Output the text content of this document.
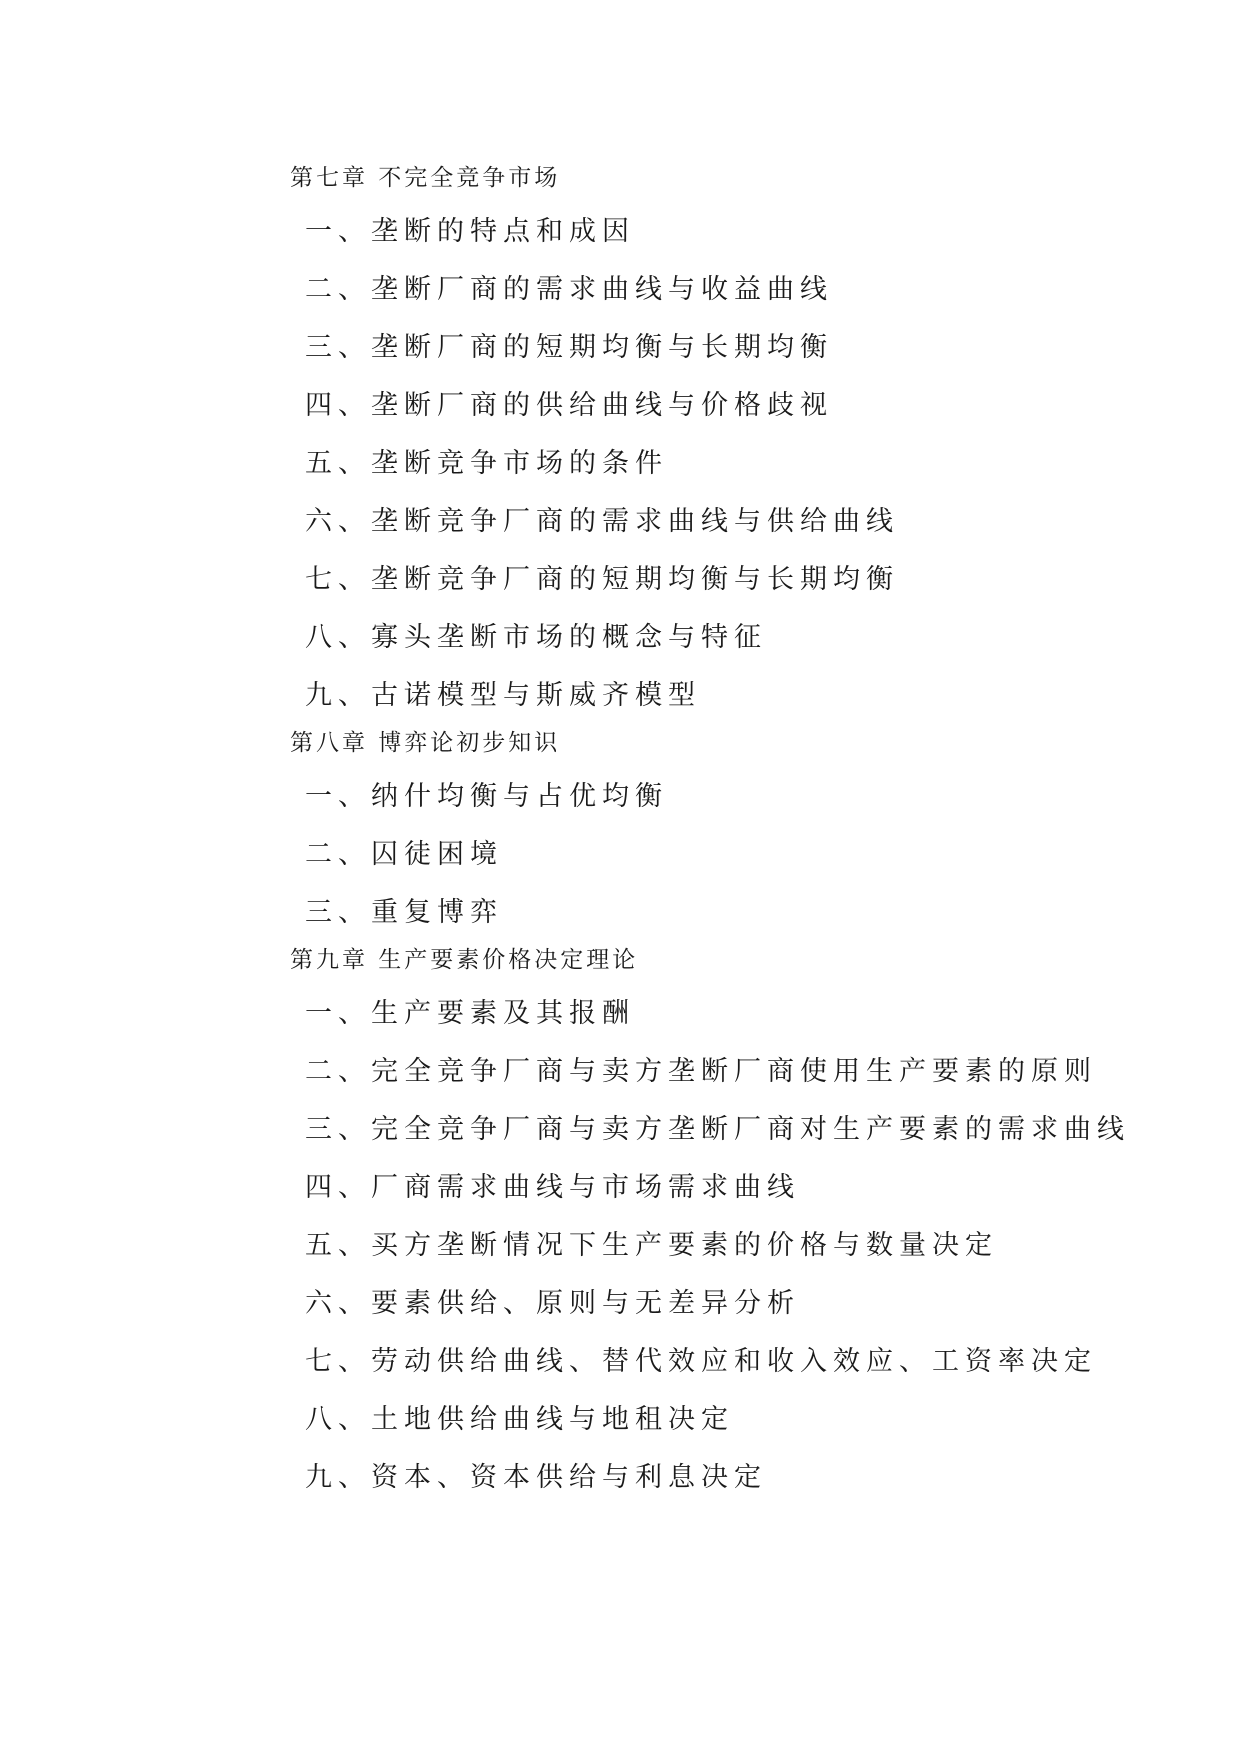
第七章 不完全竞争市场
一、垄断的特点和成因
二、垄断厂商的需求曲线与收益曲线
三、垄断厂商的短期均衡与长期均衡
四、垄断厂商的供给曲线与价格歧视
五、垄断竞争市场的条件
六、垄断竞争厂商的需求曲线与供给曲线
七、垄断竞争厂商的短期均衡与长期均衡
八、寡头垄断市场的概念与特征
九、古诺模型与斯威齐模型
第八章 博弈论初步知识
一、纳什均衡与占优均衡
二、囚徒困境
三、重复博弈
第九章 生产要素价格决定理论
一、生产要素及其报酬
二、完全竞争厂商与卖方垄断厂商使用生产要素的原则
三、完全竞争厂商与卖方垄断厂商对生产要素的需求曲线
四、厂商需求曲线与市场需求曲线
五、买方垄断情况下生产要素的价格与数量决定
六、要素供给、原则与无差异分析
七、劳动供给曲线、替代效应和收入效应、工资率决定
八、土地供给曲线与地租决定
九、资本、资本供给与利息决定
